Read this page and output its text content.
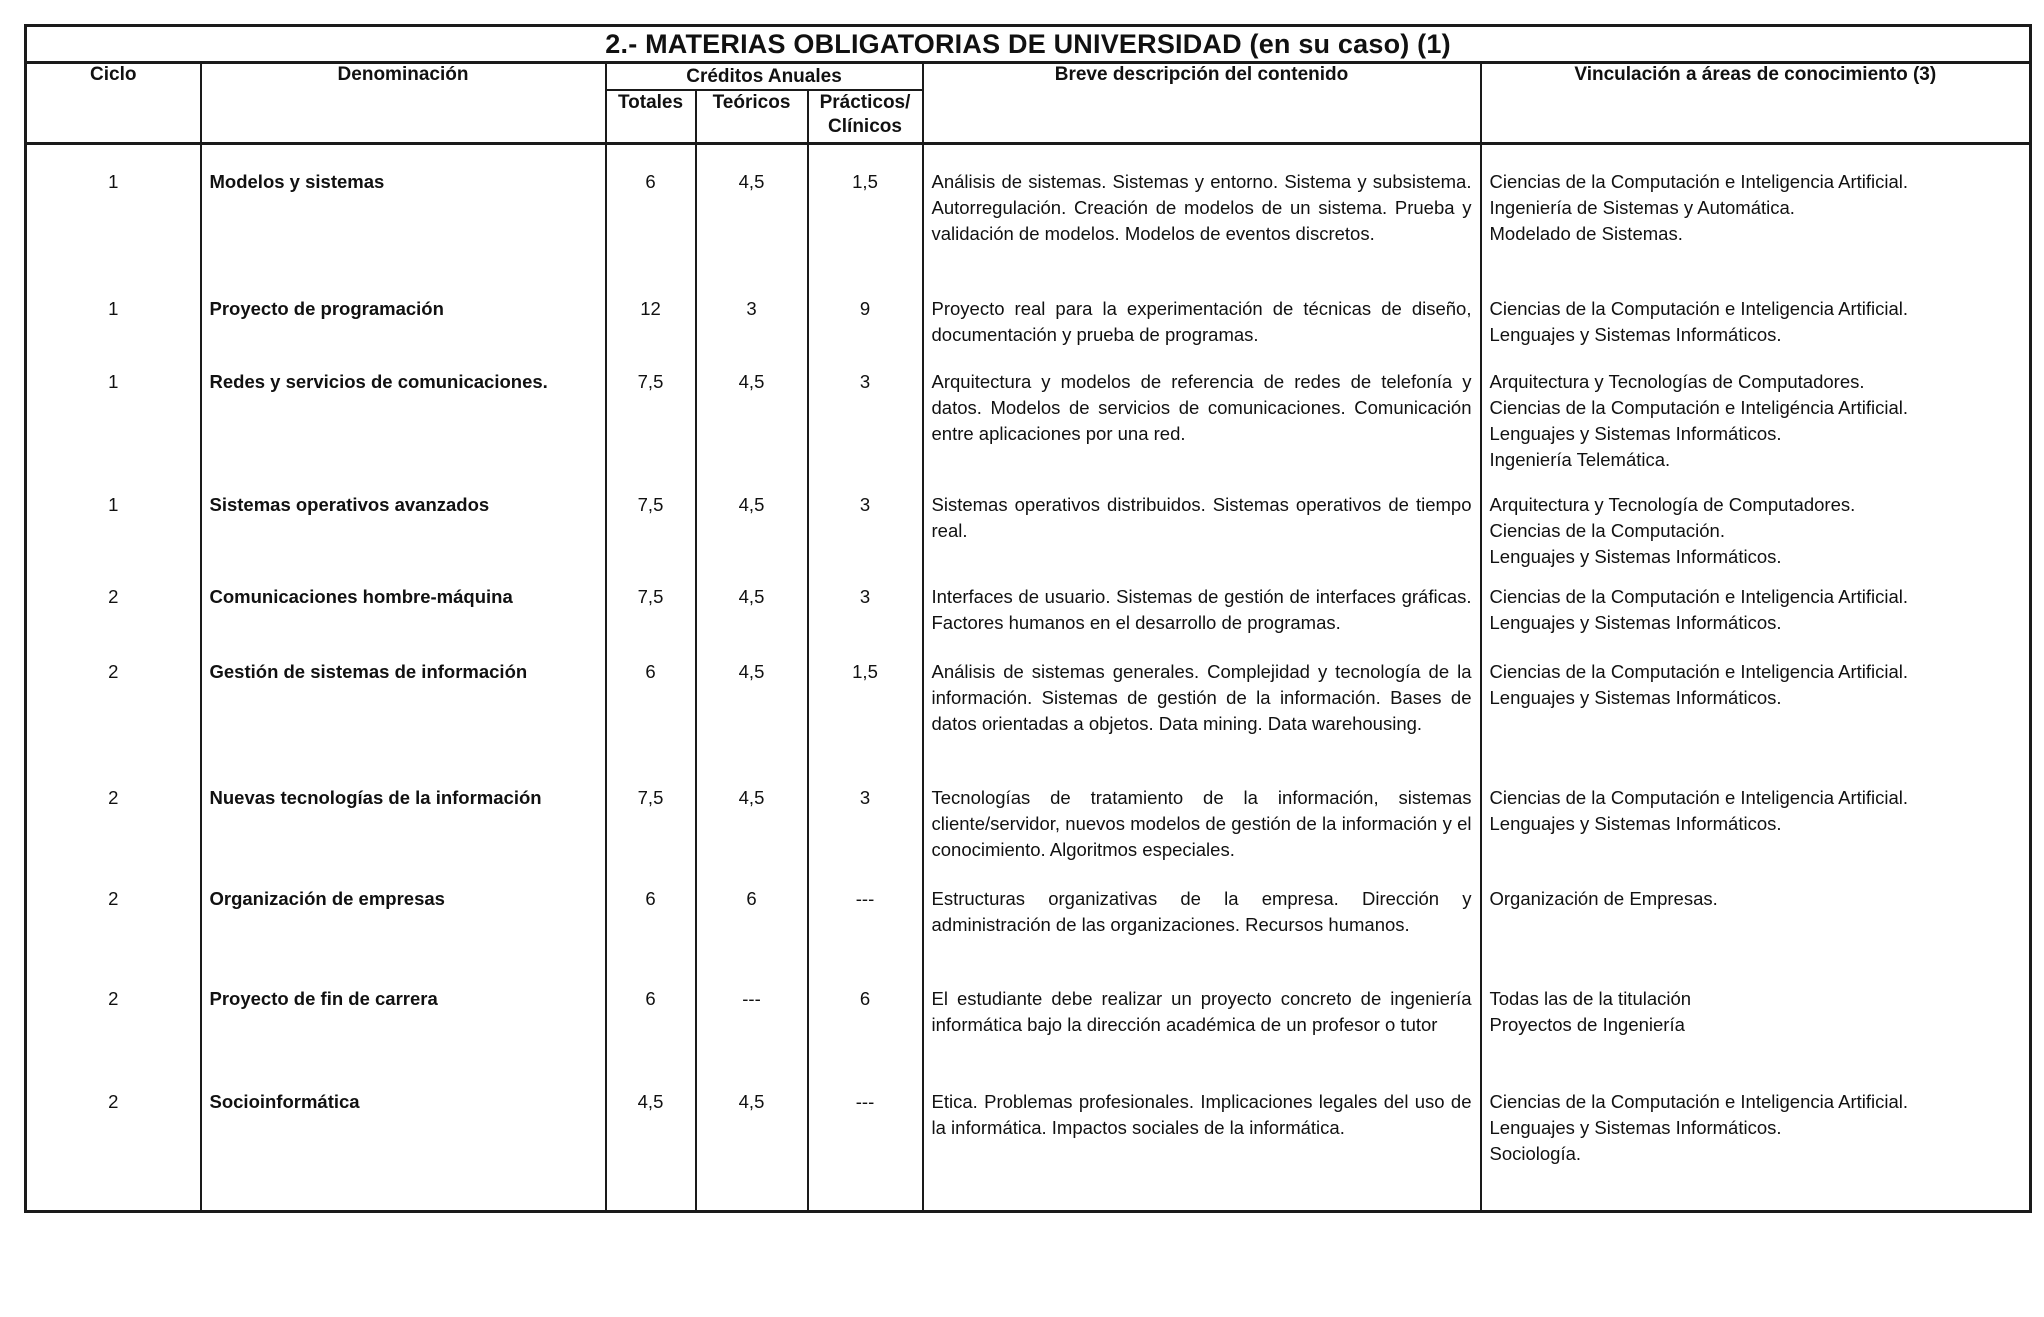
2.- MATERIAS OBLIGATORIAS DE UNIVERSIDAD (en su caso) (1)						
Ciclo	Denominación	Créditos Anuales			Breve descripción del contenido	Vinculación a áreas de conocimiento (3)
		Totales	Teóricos	Prácticos/ Clínicos		

1	Modelos y sistemas	6	4,5	1,5	Análisis de sistemas. Sistemas y entorno. Sistema y subsistema. Autorregulación. Creación de modelos de un sistema. Prueba y validación de modelos. Modelos de eventos discretos.	Ciencias de la Computación e Inteligencia Artificial.
Ingeniería de Sistemas y Automática.
Modelado de Sistemas.
1	Proyecto de programación	12	3	9	Proyecto real para la experimentación de técnicas de diseño, documentación y prueba de programas.	Ciencias de la Computación e Inteligencia Artificial.
Lenguajes y Sistemas Informáticos.
1	Redes y servicios de comunicaciones.	7,5	4,5	3	Arquitectura y modelos de referencia de redes de telefonía y datos. Modelos de servicios de comunicaciones. Comunicación entre aplicaciones por una red.	Arquitectura y Tecnologías de Computadores.
Ciencias de la Computación e Inteligéncia Artificial.
Lenguajes y Sistemas Informáticos.
Ingeniería Telemática.
1	Sistemas operativos avanzados	7,5	4,5	3	Sistemas operativos distribuidos. Sistemas operativos de tiempo real.	Arquitectura y Tecnología de Computadores.
Ciencias de la Computación.
Lenguajes y Sistemas Informáticos.
2	Comunicaciones hombre-máquina	7,5	4,5	3	Interfaces de usuario. Sistemas de gestión de interfaces gráficas. Factores humanos en el desarrollo de programas.	Ciencias de la Computación e Inteligencia Artificial.
Lenguajes y Sistemas Informáticos.
2	Gestión de sistemas de información	6	4,5	1,5	Análisis de sistemas generales. Complejidad y tecnología de la información. Sistemas de gestión de la información. Bases de datos orientadas a objetos. Data mining. Data warehousing.	Ciencias de la Computación e Inteligencia Artificial.
Lenguajes y Sistemas Informáticos.
2	Nuevas tecnologías de la información	7,5	4,5	3	Tecnologías de tratamiento de la información, sistemas cliente/servidor, nuevos modelos de gestión de la información y el conocimiento. Algoritmos especiales.	Ciencias de la Computación e Inteligencia Artificial.
Lenguajes y Sistemas Informáticos.
2	Organización de empresas	6	6	---	Estructuras organizativas de la empresa. Dirección y administración de las organizaciones. Recursos humanos.	Organización de Empresas.
2	Proyecto de fin de carrera	6	---	6	El estudiante debe realizar un proyecto concreto de ingeniería informática bajo la dirección académica de un profesor o tutor	Todas las de la titulación
Proyectos de Ingeniería
2	Socioinformática	4,5	4,5	---	Etica. Problemas profesionales. Implicaciones legales del uso de la informática. Impactos sociales de la informática.	Ciencias de la Computación e Inteligencia Artificial.
Lenguajes y Sistemas Informáticos.
Sociología.
